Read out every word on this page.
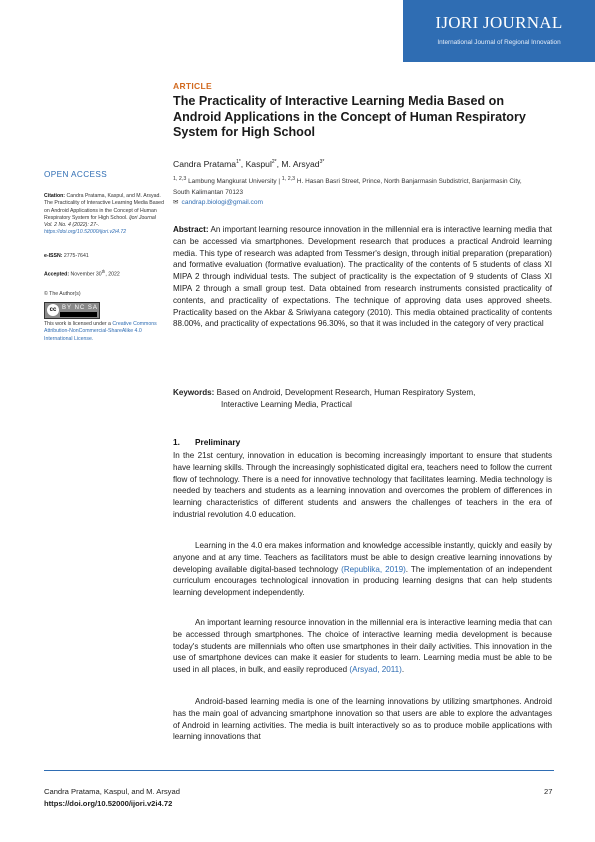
IJORI JOURNAL
International Journal of Regional Innovation
ARTICLE
The Practicality of Interactive Learning Media Based on Android Applications in the Concept of Human Respiratory System for High School
Candra Pratama$^{1*}$, Kaspul$^{2*}$, M. Arsyad$^{3*}$
$^{1, 2,3}$ Lambung Mangkurat University | $^{1, 2,3}$ H. Hasan Basri Street, Prince, North Banjarmasin Subdistrict, Banjarmasin City, South Kalimantan 70123
✉ candrap.biologi@gmail.com
OPEN ACCESS
Citation: Candra Pratama, Kaspul, and M. Arsyad. The Practicality of Interactive Learning Media Based on Android Applications in the Concept of Human Respiratory System for High School. Ijori Journal Vol. 2 No. 4 (2022): 27-. https://doi.org/10.52000/ijori.v2i4.72
e-ISSN: 2775-7641
Accepted: November 30th, 2022
© The Author(s)
cc BY NC SA
This work is licensed under a Creative Commons Attribution-NonCommercial-ShareAlike 4.0 International License.

Abstract: An important learning resource innovation in the millennial era is interactive learning media that can be accessed via smartphones. Development research that produces a practical Android learning media. This type of research was adapted from Tessmer's design, through initial preparation (preparation) and formative evaluation (formative evaluation). The practicality of the contents of 5 students of class XI MIPA 2 through individual tests. The subject of practicality is the expectation of 9 students of Class XI MIPA 2 through a small group test. Data obtained from research instruments consisted practicality of contents, and practicality of expectations. The technique of approving data uses approved sheets. Practicality based on the Akbar & Sriwiyana category (2010). This media obtained practicality of contents 88.00%, and practicality of expectations 96.30%, so that it was included in the category of very practical

Keywords: Based on Android, Development Research, Human Respiratory System,
Interactive Learning Media, Practical
1. Preliminary

In the 21st century, innovation in education is becoming increasingly important to ensure that students have learning skills. Through the increasingly sophisticated digital era, teachers need to follow the current flow of technology. There is a need for innovative technology that facilitates learning. Media technology is needed by teachers and students as a learning innovation and overcomes the problem of differences in learning characteristics of different students and answers the challenges of teachers in the era of industrial revolution 4.0 education.

Learning in the 4.0 era makes information and knowledge accessible instantly, quickly and easily by anyone and at any time. Teachers as facilitators must be able to design creative learning innovations by developing available digital-based technology (Republika, 2019). The implementation of an independent curriculum encourages technological innovation in producing learning designs that can help students learning development independently.

An important learning resource innovation in the millennial era is interactive learning media that can be accessed through smartphones. The choice of interactive learning media development is because today's students are millennials who often use smartphones in their daily activities. This innovation in the use of smartphone devices can make it easier for students to learn. Learning media must be able to be used in all places, in bulk, and easily reproduced (Arsyad, 2011).

Android-based learning media is one of the learning innovations by utilizing smartphones. Android has the main goal of advancing smartphone innovation so that users are able to explore the advantages of Android in learning activities. The media is built interactively so as to produce mobile applications with learning innovations that

Candra Pratama, Kaspul, and M. Arsyad
https://doi.org/10.52000/ijori.v2i4.72
27
